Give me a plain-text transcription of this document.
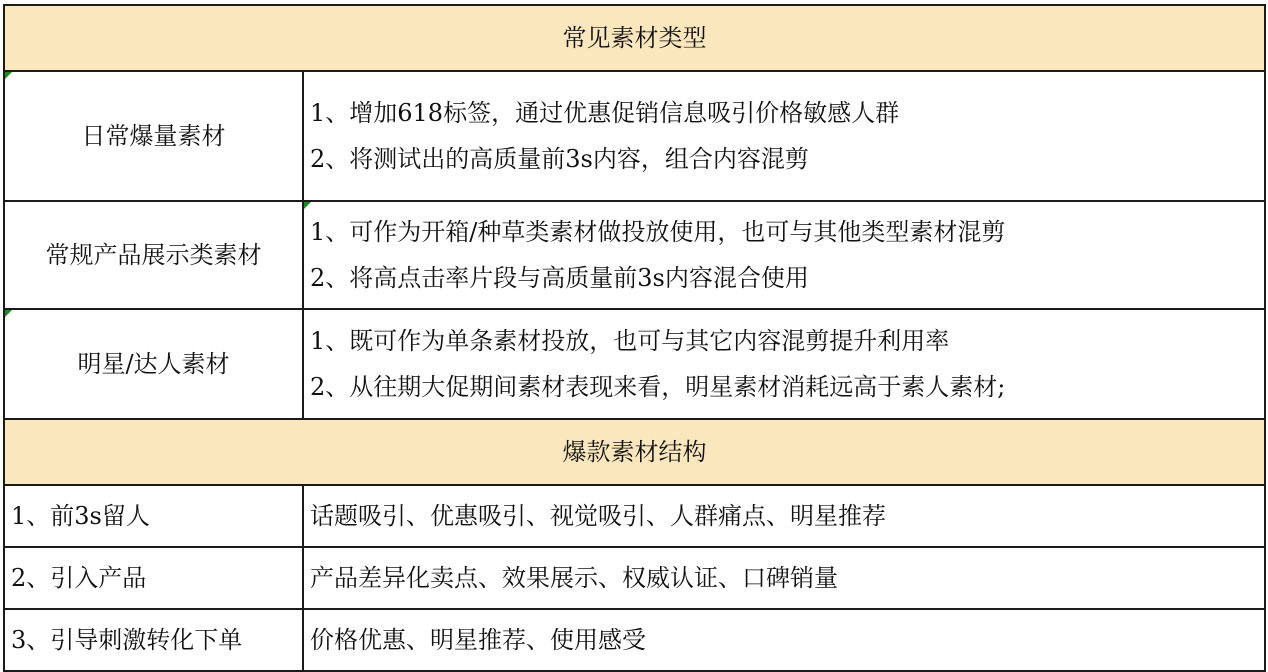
常见素材类型	

日常爆量素材	1、增加618标签，通过优惠促销信息吸引价格敏感人群
2、将测试出的高质量前3s内容，组合内容混剪

常规产品展示类素材	1、可作为开箱/种草类素材做投放使用，也可与其他类型素材混剪
2、将高点击率片段与高质量前3s内容混合使用

明星/达人素材	1、既可作为单条素材投放，也可与其它内容混剪提升利用率
2、从往期大促期间素材表现来看，明星素材消耗远高于素人素材;

爆款素材结构	
1、前3s留人	话题吸引、优惠吸引、视觉吸引、人群痛点、明星推荐
2、引入产品	产品差异化卖点、效果展示、权威认证、口碑销量
3、引导刺激转化下单	价格优惠、明星推荐、使用感受
